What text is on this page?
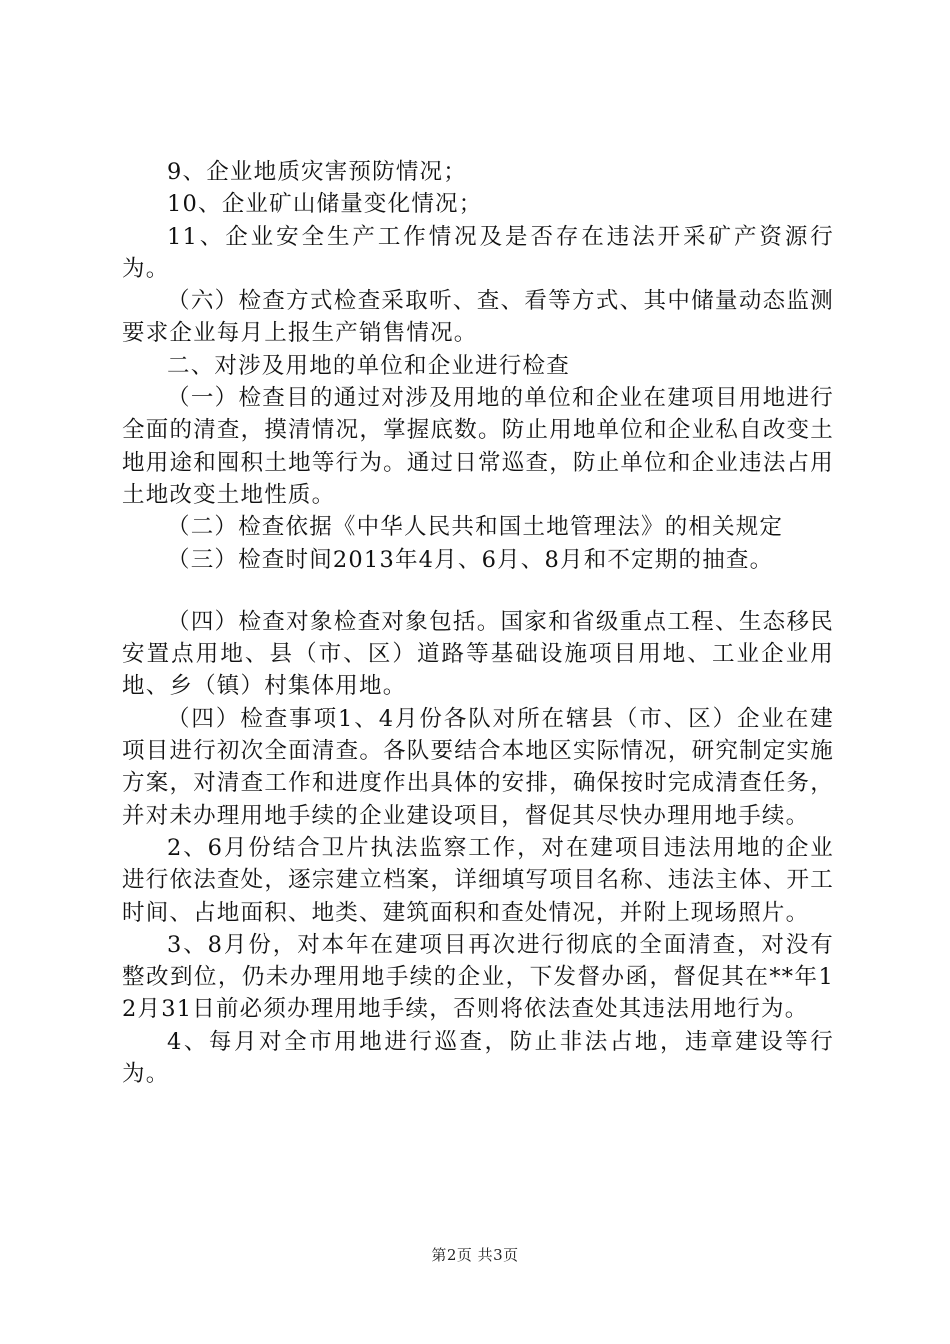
9、企业地质灾害预防情况；

10、企业矿山储量变化情况；

11、企业安全生产工作情况及是否存在违法开采矿产资源行为。

（六）检查方式检查采取听、查、看等方式、其中储量动态监测要求企业每月上报生产销售情况。

二、对涉及用地的单位和企业进行检查

（一）检查目的通过对涉及用地的单位和企业在建项目用地进行全面的清查，摸清情况，掌握底数。防止用地单位和企业私自改变土地用途和囤积土地等行为。通过日常巡查，防止单位和企业违法占用土地改变土地性质。

（二）检查依据《中华人民共和国土地管理法》的相关规定

（三）检查时间2013年4月、6月、8月和不定期的抽查。

（四）检查对象检查对象包括。国家和省级重点工程、生态移民安置点用地、县（市、区）道路等基础设施项目用地、工业企业用地、乡（镇）村集体用地。

（四）检查事项1、4月份各队对所在辖县（市、区）企业在建项目进行初次全面清查。各队要结合本地区实际情况，研究制定实施方案，对清查工作和进度作出具体的安排，确保按时完成清查任务，并对未办理用地手续的企业建设项目，督促其尽快办理用地手续。

2、6月份结合卫片执法监察工作，对在建项目违法用地的企业进行依法查处，逐宗建立档案，详细填写项目名称、违法主体、开工时间、占地面积、地类、建筑面积和查处情况，并附上现场照片。

3、8月份，对本年在建项目再次进行彻底的全面清查，对没有整改到位，仍未办理用地手续的企业，下发督办函，督促其在**年12月31日前必须办理用地手续，否则将依法查处其违法用地行为。

4、每月对全市用地进行巡查，防止非法占地，违章建设等行为。

第2页 共3页
